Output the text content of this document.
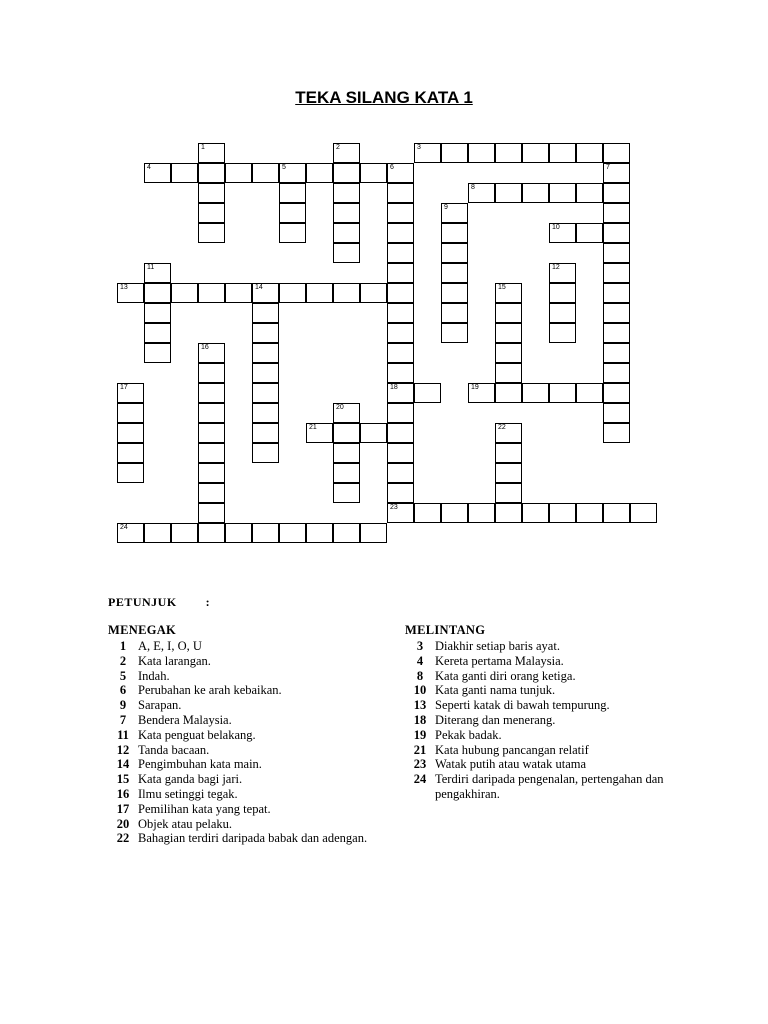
TEKA SILANG KATA 1
3
4	5	6
8
10
13	14
18	19
21
23
24
1	2
7
9
11	12
15
16
17
20
22
PETUNJUK :
MENEGAK
1 A, E, I, O, U
2 Kata larangan.
5 Indah.
6 Perubahan ke arah kebaikan.
9 Sarapan.
7 Bendera Malaysia.
11 Kata penguat belakang.
12 Tanda bacaan.
14 Pengimbuhan kata main.
15 Kata ganda bagi jari.
16 Ilmu setinggi tegak.
17 Pemilihan kata yang tepat.
20 Objek atau pelaku.
22 Bahagian terdiri daripada babak dan adengan.
MELINTANG
3 Diakhir setiap baris ayat.
4 Kereta pertama Malaysia.
8 Kata ganti diri orang ketiga.
10 Kata ganti nama tunjuk.
13 Seperti katak di bawah tempurung.
18 Diterang dan menerang.
19 Pekak badak.
21 Kata hubung pancangan relatif
23 Watak putih atau watak utama
24 Terdiri daripada pengenalan, pertengahan dan pengakhiran.
